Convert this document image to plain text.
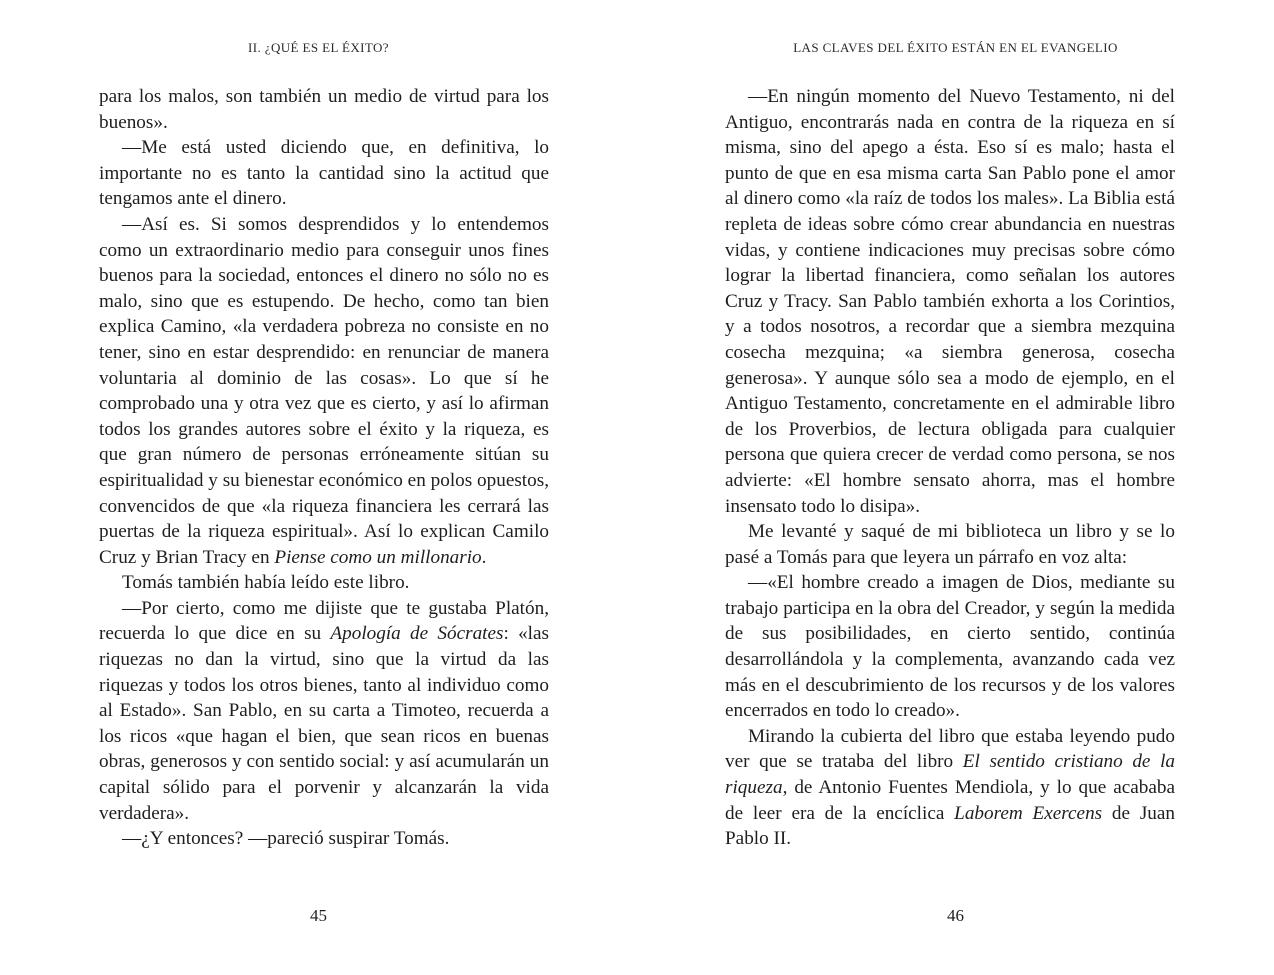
II. ¿QUÉ ES EL ÉXITO?

para los malos, son también un medio de virtud para los buenos».

—Me está usted diciendo que, en definitiva, lo importante no es tanto la cantidad sino la actitud que tengamos ante el dinero.

—Así es. Si somos desprendidos y lo entendemos como un extraordinario medio para conseguir unos fines buenos para la sociedad, entonces el dinero no sólo no es malo, sino que es estupendo. De hecho, como tan bien explica Camino, «la verdadera pobreza no consiste en no tener, sino en estar desprendido: en renunciar de manera voluntaria al dominio de las cosas». Lo que sí he comprobado una y otra vez que es cierto, y así lo afirman todos los grandes autores sobre el éxito y la riqueza, es que gran número de personas erróneamente sitúan su espiritualidad y su bienestar económico en polos opuestos, convencidos de que «la riqueza financiera les cerrará las puertas de la riqueza espiritual». Así lo explican Camilo Cruz y Brian Tracy en Piense como un millonario.

Tomás también había leído este libro.

—Por cierto, como me dijiste que te gustaba Platón, recuerda lo que dice en su Apología de Sócrates: «las riquezas no dan la virtud, sino que la virtud da las riquezas y todos los otros bienes, tanto al individuo como al Estado». San Pablo, en su carta a Timoteo, recuerda a los ricos «que hagan el bien, que sean ricos en buenas obras, generosos y con sentido social: y así acumularán un capital sólido para el porvenir y alcanzarán la vida verdadera».

—¿Y entonces? —pareció suspirar Tomás.

45
LAS CLAVES DEL ÉXITO ESTÁN EN EL EVANGELIO

—En ningún momento del Nuevo Testamento, ni del Antiguo, encontrarás nada en contra de la riqueza en sí misma, sino del apego a ésta. Eso sí es malo; hasta el punto de que en esa misma carta San Pablo pone el amor al dinero como «la raíz de todos los males». La Biblia está repleta de ideas sobre cómo crear abundancia en nuestras vidas, y contiene indicaciones muy precisas sobre cómo lograr la libertad financiera, como señalan los autores Cruz y Tracy. San Pablo también exhorta a los Corintios, y a todos nosotros, a recordar que a siembra mezquina cosecha mezquina; «a siembra generosa, cosecha generosa». Y aunque sólo sea a modo de ejemplo, en el Antiguo Testamento, concretamente en el admirable libro de los Proverbios, de lectura obligada para cualquier persona que quiera crecer de verdad como persona, se nos advierte: «El hombre sensato ahorra, mas el hombre insensato todo lo disipa».

Me levanté y saqué de mi biblioteca un libro y se lo pasé a Tomás para que leyera un párrafo en voz alta:

—«El hombre creado a imagen de Dios, mediante su trabajo participa en la obra del Creador, y según la medida de sus posibilidades, en cierto sentido, continúa desarrollándola y la complementa, avanzando cada vez más en el descubrimiento de los recursos y de los valores encerrados en todo lo creado».

Mirando la cubierta del libro que estaba leyendo pudo ver que se trataba del libro El sentido cristiano de la riqueza, de Antonio Fuentes Mendiola, y lo que acababa de leer era de la encíclica Laborem Exercens de Juan Pablo II.

46
